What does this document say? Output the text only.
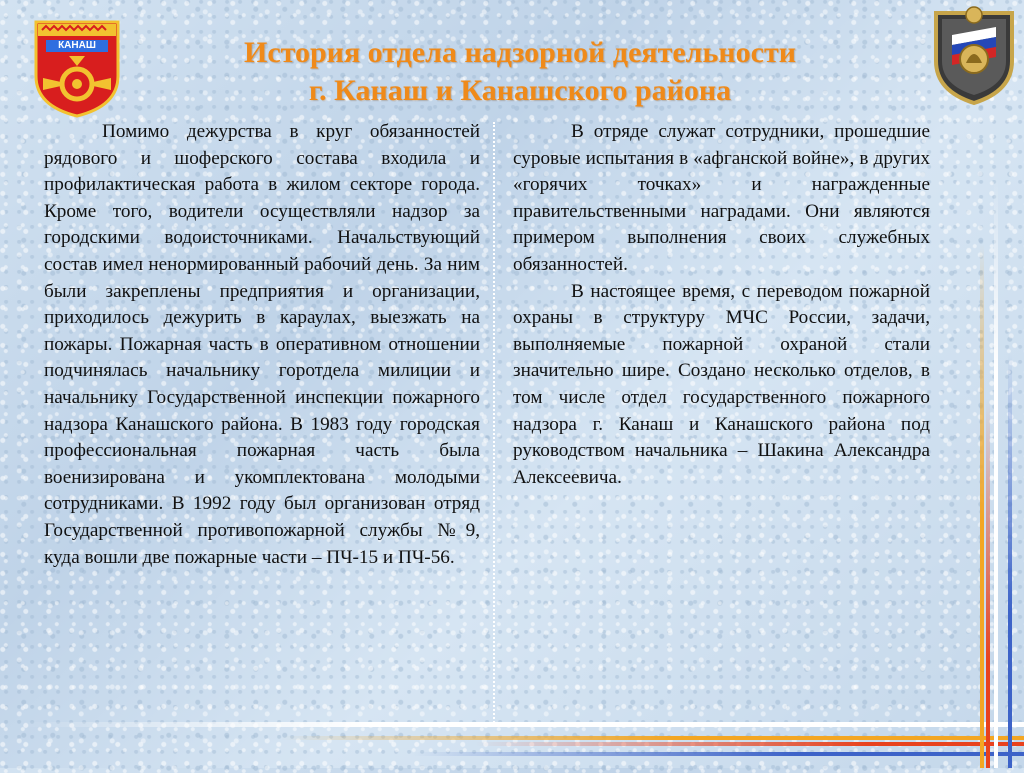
КАНАШ	История отдела надзорной деятельности
г. Канаш и Канашского района

Помимо дежурства в круг обязанностей рядового и шоферского состава входила и профилактическая работа в жилом секторе города. Кроме того, водители осуществляли надзор за городскими водоисточниками. Начальствующий состав имел ненормированный рабочий день. За ним были закреплены предприятия и организации, приходилось дежурить в караулах, выезжать на пожары. Пожарная часть в оперативном отношении подчинялась начальнику горотдела милиции и начальнику Государственной инспекции пожарного надзора Канашского района. В 1983 году городская профессиональная пожарная часть была военизирована и укомплектована молодыми сотрудниками. В 1992 году был организован отряд Государственной противопожарной службы №9, куда вошли две пожарные части – ПЧ-15 и ПЧ-56.

В отряде служат сотрудники, прошедшие суровые испытания в «афганской войне», в других «горячих точках» и награжденные правительственными наградами. Они являются примером выполнения своих служебных обязанностей.

В настоящее время, с переводом пожарной охраны в структуру МЧС России, задачи, выполняемые пожарной охраной стали значительно шире. Создано несколько отделов, в том числе отдел государственного пожарного надзора г. Канаш и Канашского района под руководством начальника – Шакина Александра Алексеевича.
